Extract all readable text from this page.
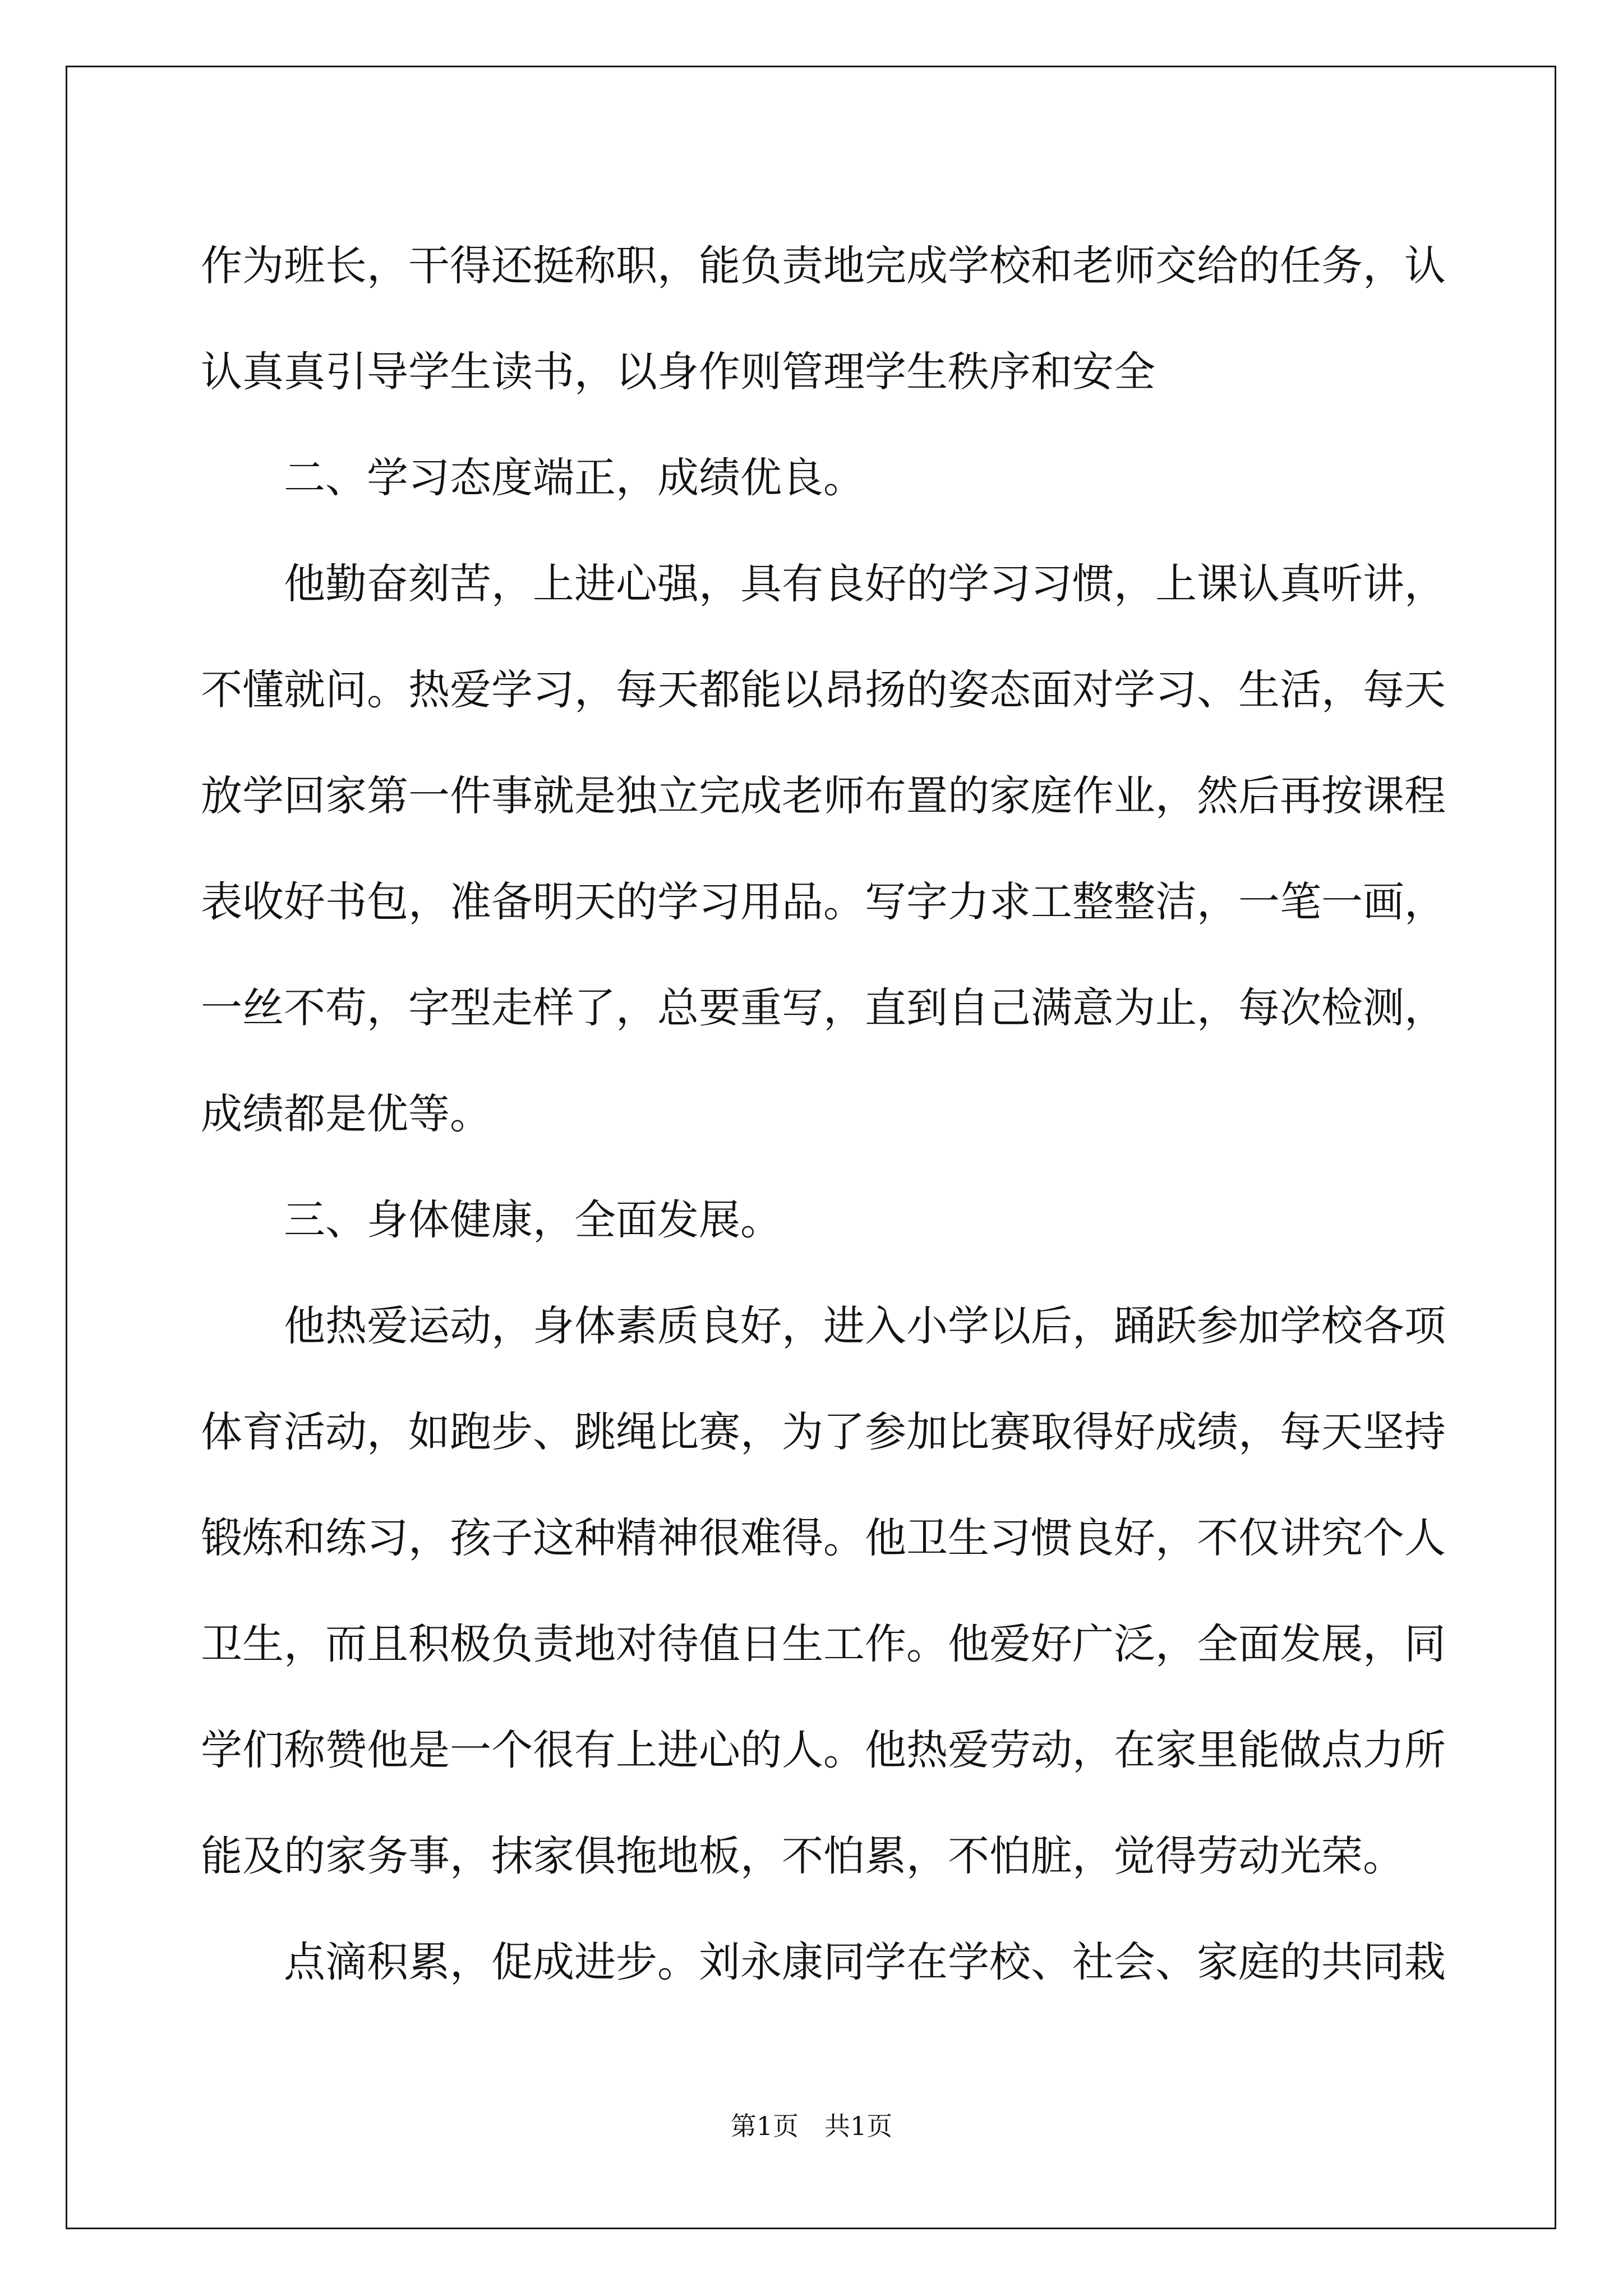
作为班长，干得还挺称职，能负责地完成学校和老师交给的任务，认
认真真引导学生读书，以身作则管理学生秩序和安全
二、学习态度端正，成绩优良。
他勤奋刻苦，上进心强，具有良好的学习习惯，上课认真听讲，
不懂就问。热爱学习，每天都能以昂扬的姿态面对学习、生活，每天
放学回家第一件事就是独立完成老师布置的家庭作业，然后再按课程
表收好书包，准备明天的学习用品。写字力求工整整洁，一笔一画，
一丝不苟，字型走样了，总要重写，直到自己满意为止，每次检测，
成绩都是优等。
三、身体健康，全面发展。
他热爱运动，身体素质良好，进入小学以后，踊跃参加学校各项
体育活动，如跑步、跳绳比赛，为了参加比赛取得好成绩，每天坚持
锻炼和练习，孩子这种精神很难得。他卫生习惯良好，不仅讲究个人
卫生，而且积极负责地对待值日生工作。他爱好广泛，全面发展，同
学们称赞他是一个很有上进心的人。他热爱劳动，在家里能做点力所
能及的家务事，抹家俱拖地板，不怕累，不怕脏，觉得劳动光荣。
点滴积累，促成进步。刘永康同学在学校、社会、家庭的共同栽
第1页　共1页
